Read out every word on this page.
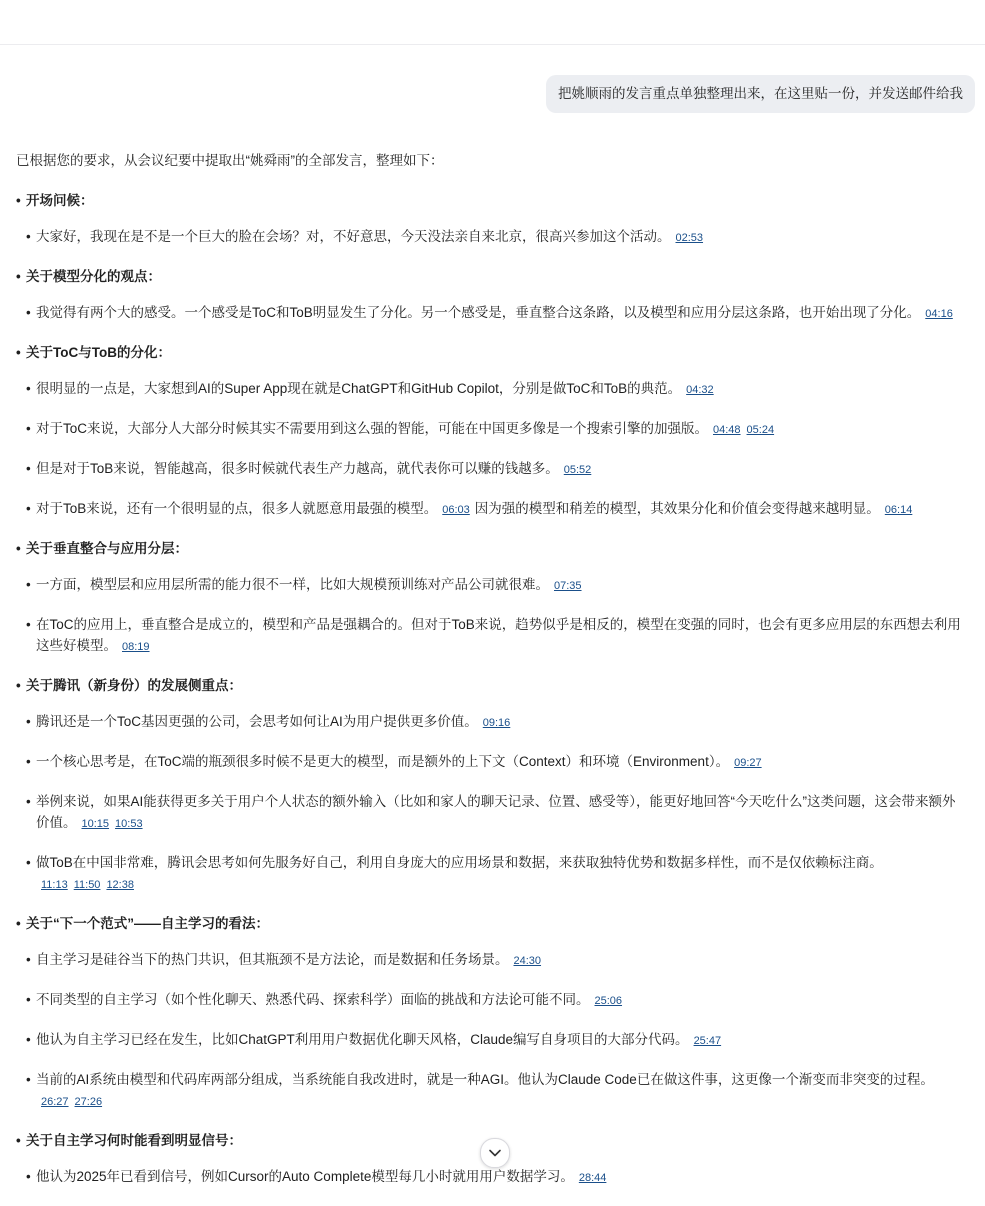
把姚顺雨的发言重点单独整理出来，在这里贴一份，并发送邮件给我

已根据您的要求，从会议纪要中提取出“姚舜雨”的全部发言，整理如下：

• 开场问候：
• 大家好，我现在是不是一个巨大的脸在会场？对，不好意思，今天没法亲自来北京，很高兴参加这个活动。 02:53
• 关于模型分化的观点：
• 我觉得有两个大的感受。一个感受是ToC和ToB明显发生了分化。另一个感受是，垂直整合这条路，以及模型和应用分层这条路，也开始出现了分化。 04:16
• 关于ToC与ToB的分化：
• 很明显的一点是，大家想到AI的Super App现在就是ChatGPT和GitHub Copilot，分别是做ToC和ToB的典范。 04:32
• 对于ToC来说，大部分人大部分时候其实不需要用到这么强的智能，可能在中国更多像是一个搜索引擎的加强版。 04:48 05:24
• 但是对于ToB来说，智能越高，很多时候就代表生产力越高，就代表你可以赚的钱越多。 05:52
• 对于ToB来说，还有一个很明显的点，很多人就愿意用最强的模型。 06:03 因为强的模型和稍差的模型，其效果分化和价值会变得越来越明显。 06:14
• 关于垂直整合与应用分层：
• 一方面，模型层和应用层所需的能力很不一样，比如大规模预训练对产品公司就很难。 07:35
• 在ToC的应用上，垂直整合是成立的，模型和产品是强耦合的。但对于ToB来说，趋势似乎是相反的，模型在变强的同时，也会有更多应用层的东西想去利用这些好模型。 08:19
• 关于腾讯（新身份）的发展侧重点：
• 腾讯还是一个ToC基因更强的公司，会思考如何让AI为用户提供更多价值。 09:16
• 一个核心思考是，在ToC端的瓶颈很多时候不是更大的模型，而是额外的上下文（Context）和环境（Environment）。 09:27
• 举例来说，如果AI能获得更多关于用户个人状态的额外输入（比如和家人的聊天记录、位置、感受等），能更好地回答“今天吃什么”这类问题，这会带来额外价值。 10:15 10:53
• 做ToB在中国非常难，腾讯会思考如何先服务好自己，利用自身庞大的应用场景和数据，来获取独特优势和数据多样性，而不是仅依赖标注商。11:13 11:50 12:38
• 关于“下一个范式”——自主学习的看法：
• 自主学习是硅谷当下的热门共识，但其瓶颈不是方法论，而是数据和任务场景。 24:30
• 不同类型的自主学习（如个性化聊天、熟悉代码、探索科学）面临的挑战和方法论可能不同。 25:06
• 他认为自主学习已经在发生，比如ChatGPT利用用户数据优化聊天风格，Claude编写自身项目的大部分代码。 25:47
• 当前的AI系统由模型和代码库两部分组成，当系统能自我改进时，就是一种AGI。他认为Claude Code已在做这件事，这更像一个渐变而非突变的过程。26:27 27:26
• 关于自主学习何时能看到明显信号：
• 他认为2025年已看到信号，例如Cursor的Auto Complete模型每几小时就用用户数据学习。 28:44
